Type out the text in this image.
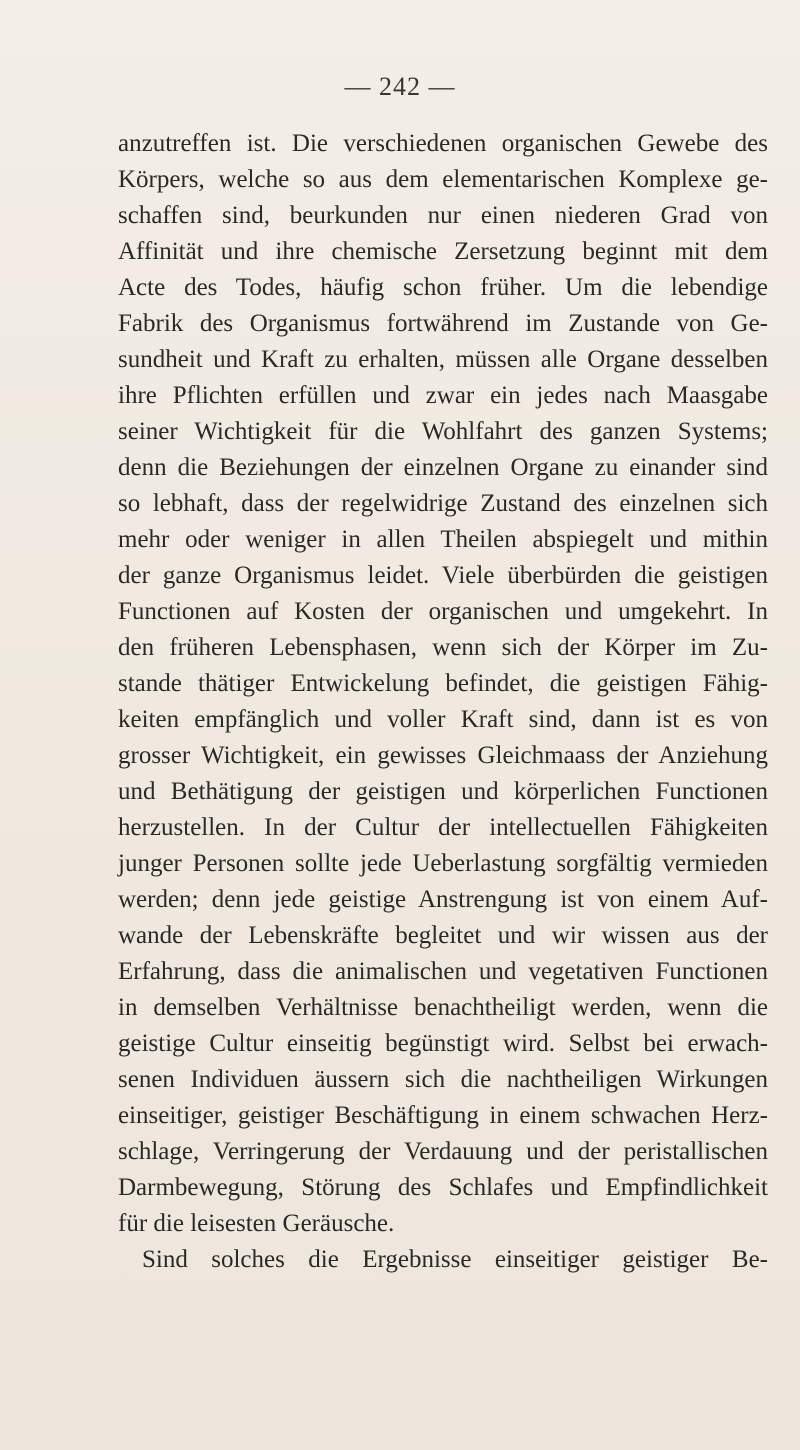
— 242 —
anzutreffen ist. Die verschiedenen organischen Gewebe des
Körpers, welche so aus dem elementarischen Komplexe ge-
schaffen sind, beurkunden nur einen niederen Grad von
Affinität und ihre chemische Zersetzung beginnt mit dem
Acte des Todes, häufig schon früher. Um die lebendige
Fabrik des Organismus fortwährend im Zustande von Ge-
sundheit und Kraft zu erhalten, müssen alle Organe desselben
ihre Pflichten erfüllen und zwar ein jedes nach Maasgabe
seiner Wichtigkeit für die Wohlfahrt des ganzen Systems;
denn die Beziehungen der einzelnen Organe zu einander sind
so lebhaft, dass der regelwidrige Zustand des einzelnen sich
mehr oder weniger in allen Theilen abspiegelt und mithin
der ganze Organismus leidet. Viele überbürden die geistigen
Functionen auf Kosten der organischen und umgekehrt. In
den früheren Lebensphasen, wenn sich der Körper im Zu-
stande thätiger Entwickelung befindet, die geistigen Fähig-
keiten empfänglich und voller Kraft sind, dann ist es von
grosser Wichtigkeit, ein gewisses Gleichmaass der Anziehung
und Bethätigung der geistigen und körperlichen Functionen
herzustellen. In der Cultur der intellectuellen Fähigkeiten
junger Personen sollte jede Ueberlastung sorgfältig vermieden
werden; denn jede geistige Anstrengung ist von einem Auf-
wande der Lebenskräfte begleitet und wir wissen aus der
Erfahrung, dass die animalischen und vegetativen Functionen
in demselben Verhältnisse benachtheiligt werden, wenn die
geistige Cultur einseitig begünstigt wird. Selbst bei erwach-
senen Individuen äussern sich die nachtheiligen Wirkungen
einseitiger, geistiger Beschäftigung in einem schwachen Herz-
schlage, Verringerung der Verdauung und der peristallischen
Darmbewegung, Störung des Schlafes und Empfindlichkeit
für die leisesten Geräusche.
Sind solches die Ergebnisse einseitiger geistiger Be-
